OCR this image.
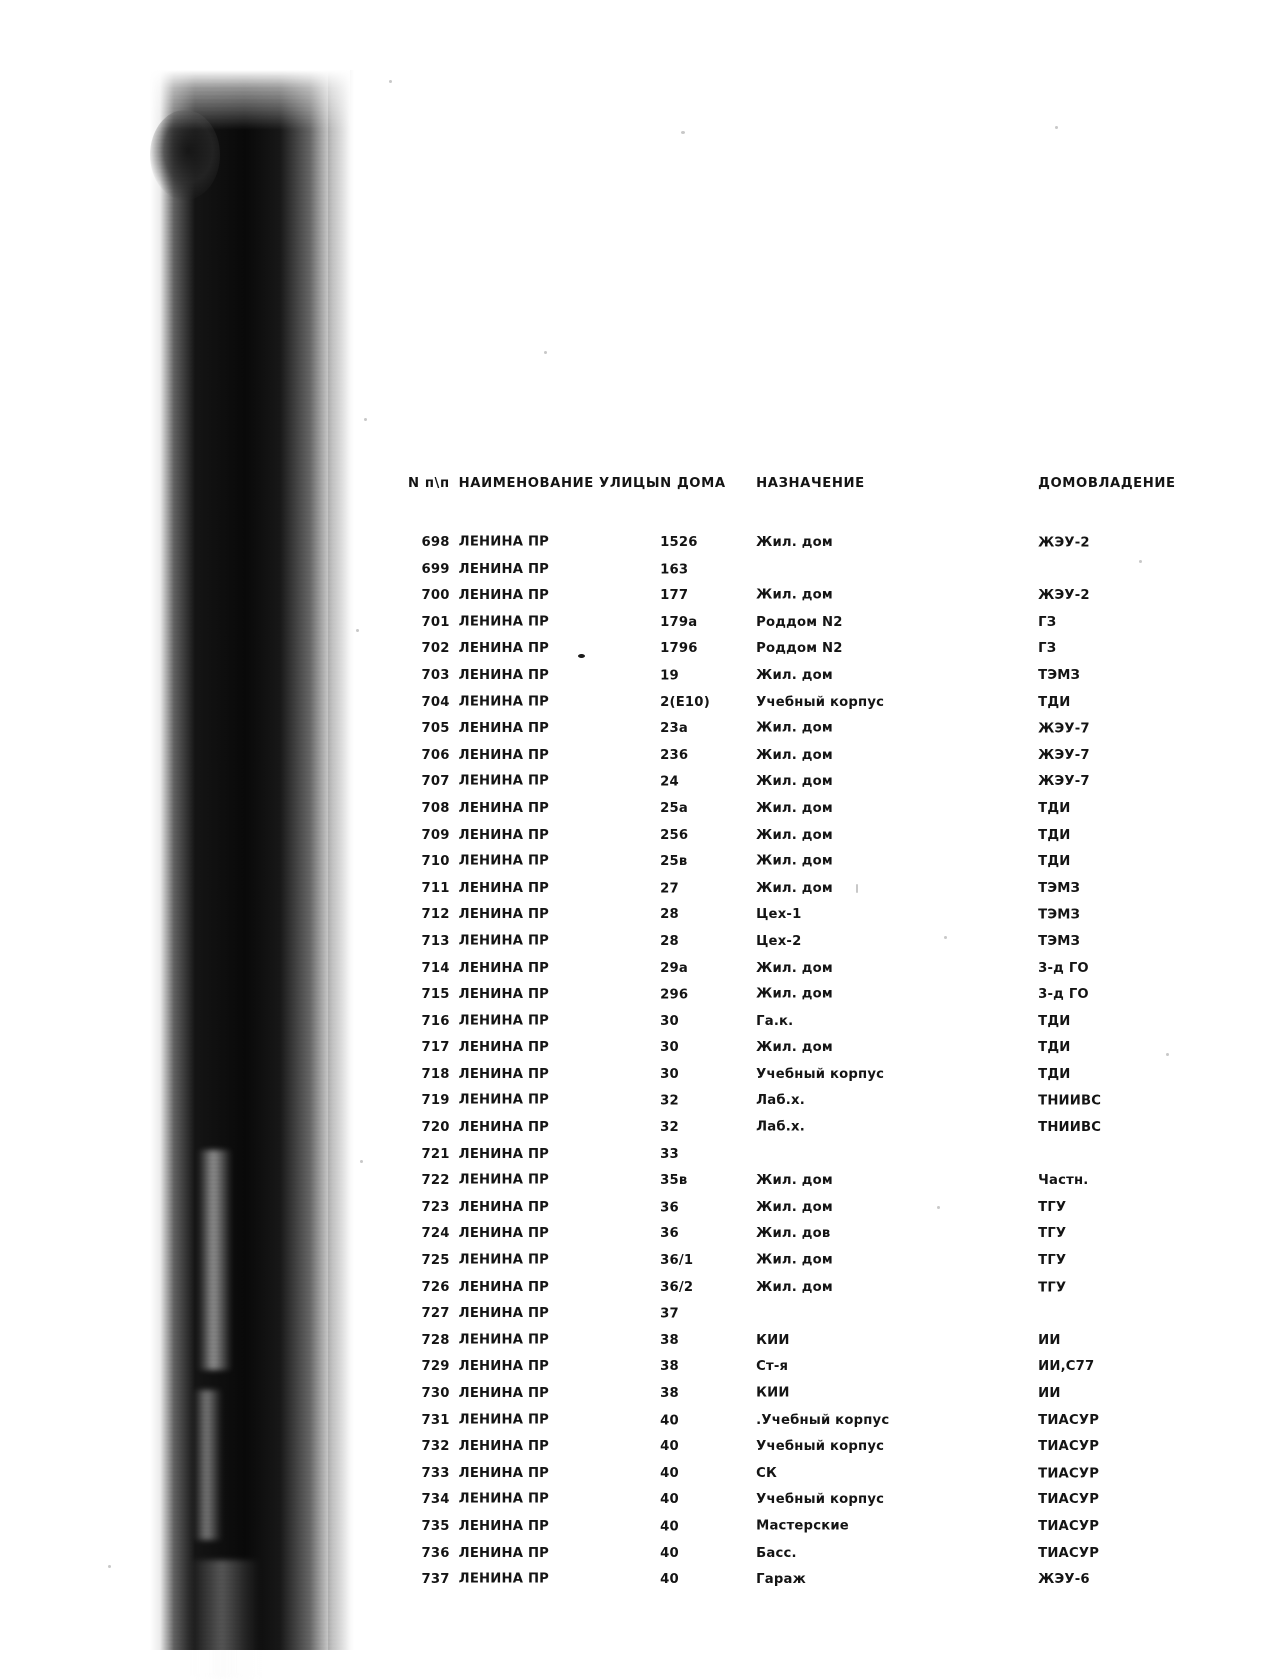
N п\п	НАИМЕНОВАНИЕ УЛИЦЫ	N ДОМА	НАЗНАЧЕНИЕ	ДОМОВЛАДЕНИЕ
698	ЛЕНИНА ПР	1526	Жил. дом	ЖЭУ-2
699	ЛЕНИНА ПР	163		
700	ЛЕНИНА ПР	177	Жил. дом	ЖЭУ-2
701	ЛЕНИНА ПР	179а	Роддом N2	ГЗ
702	ЛЕНИНА ПР	1796	Роддом N2	ГЗ
703	ЛЕНИНА ПР	19	Жил. дом	ТЭМЗ
704	ЛЕНИНА ПР	2(Е10)	Учебный корпус	ТДИ
705	ЛЕНИНА ПР	23а	Жил. дом	ЖЭУ-7
706	ЛЕНИНА ПР	236	Жил. дом	ЖЭУ-7
707	ЛЕНИНА ПР	24	Жил. дом	ЖЭУ-7
708	ЛЕНИНА ПР	25а	Жил. дом	ТДИ
709	ЛЕНИНА ПР	256	Жил. дом	ТДИ
710	ЛЕНИНА ПР	25в	Жил. дом	ТДИ
711	ЛЕНИНА ПР	27	Жил. дом	ТЭМЗ
712	ЛЕНИНА ПР	28	Цех-1	ТЭМЗ
713	ЛЕНИНА ПР	28	Цех-2	ТЭМЗ
714	ЛЕНИНА ПР	29а	Жил. дом	3-д ГО
715	ЛЕНИНА ПР	296	Жил. дом	3-д ГО
716	ЛЕНИНА ПР	30	Га.к.	ТДИ
717	ЛЕНИНА ПР	30	Жил. дом	ТДИ
718	ЛЕНИНА ПР	30	Учебный корпус	ТДИ
719	ЛЕНИНА ПР	32	Лаб.х.	ТНИИВС
720	ЛЕНИНА ПР	32	Лаб.х.	ТНИИВС
721	ЛЕНИНА ПР	33		
722	ЛЕНИНА ПР	35в	Жил. дом	Частн.
723	ЛЕНИНА ПР	36	Жил. дом	ТГУ
724	ЛЕНИНА ПР	36	Жил. дов	ТГУ
725	ЛЕНИНА ПР	36/1	Жил. дом	ТГУ
726	ЛЕНИНА ПР	36/2	Жил. дом	ТГУ
727	ЛЕНИНА ПР	37		
728	ЛЕНИНА ПР	38	КИИ	ИИ
729	ЛЕНИНА ПР	38	Ст-я	ИИ,С77
730	ЛЕНИНА ПР	38	КИИ	ИИ
731	ЛЕНИНА ПР	40	.Учебный корпус	ТИАСУР
732	ЛЕНИНА ПР	40	Учебный корпус	ТИАСУР
733	ЛЕНИНА ПР	40	СК	ТИАСУР
734	ЛЕНИНА ПР	40	Учебный корпус	ТИАСУР
735	ЛЕНИНА ПР	40	Мастерские	ТИАСУР
736	ЛЕНИНА ПР	40	Басс.	ТИАСУР
737	ЛЕНИНА ПР	40	Гараж	ЖЭУ-6
